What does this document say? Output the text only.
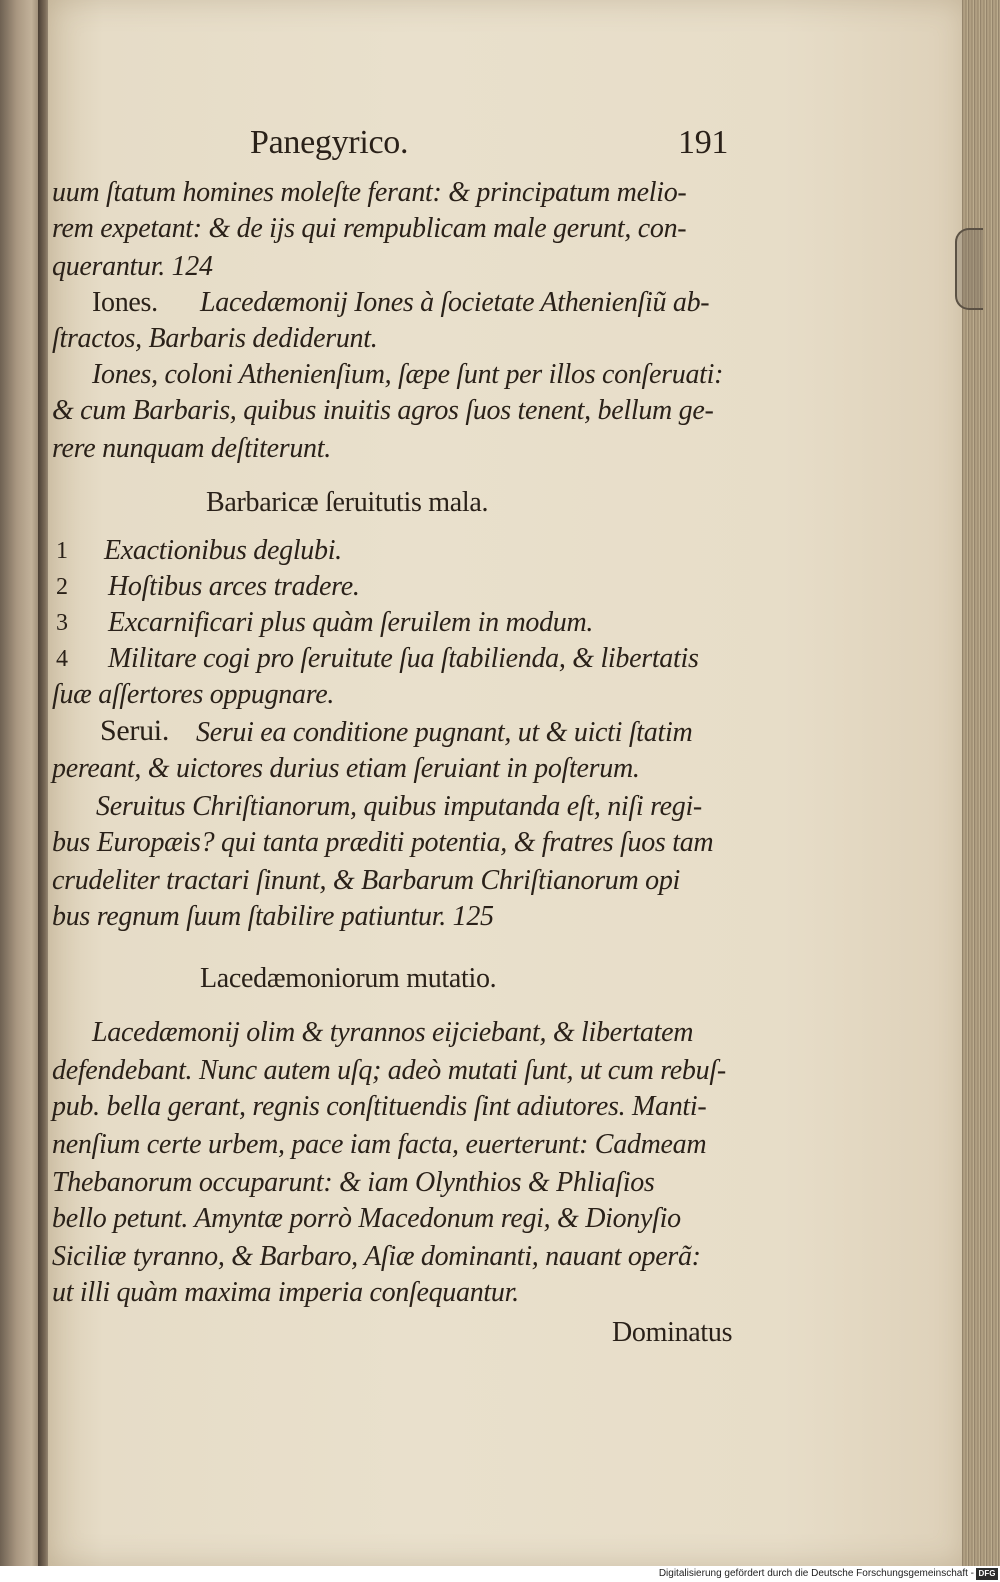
Panegyrico.	191
uum ſtatum homines moleſte ferant: & principatum melio-
rem expetant: & de ijs qui rempublicam male gerunt, con-
querantur. 124
Iones. Lacedæmonij Iones à ſocietate Athenienſiũ ab-
ſtractos, Barbaris dediderunt.
Iones, coloni Athenienſium, ſæpe ſunt per illos conſeruati:
& cum Barbaris, quibus inuitis agros ſuos tenent, bellum ge-
rere nunquam deſtiterunt.
Barbaricæ ſeruitutis mala.
1 Exactionibus deglubi.
2 Hoſtibus arces tradere.
3 Excarnificari plus quàm ſeruilem in modum.
4 Militare cogi pro ſeruitute ſua ſtabilienda, & libertatis
ſuæ aſſertores oppugnare.
Serui. Serui ea conditione pugnant, ut & uicti ſtatim
pereant, & uictores durius etiam ſeruiant in poſterum.
Seruitus Chriſtianorum, quibus imputanda eſt, niſi regi-
bus Europæis? qui tanta præditi potentia, & fratres ſuos tam
crudeliter tractari ſinunt, & Barbarum Chriſtianorum opi
bus regnum ſuum ſtabilire patiuntur. 125
Lacedæmoniorum mutatio.
Lacedæmonij olim & tyrannos eijciebant, & libertatem
defendebant. Nunc autem uſq; adeò mutati ſunt, ut cum rebuſ-
pub. bella gerant, regnis conſtituendis ſint adiutores. Manti-
nenſium certe urbem, pace iam facta, euerterunt: Cadmeam
Thebanorum occuparunt: & iam Olynthios & Phliaſios
bello petunt. Amyntæ porrò Macedonum regi, & Dionyſio
Siciliæ tyranno, & Barbaro, Aſiæ dominanti, nauant operã:
ut illi quàm maxima imperia conſequantur.
Dominatus
Digitalisierung gefördert durch die Deutsche Forschungsgemeinschaft - DFG
